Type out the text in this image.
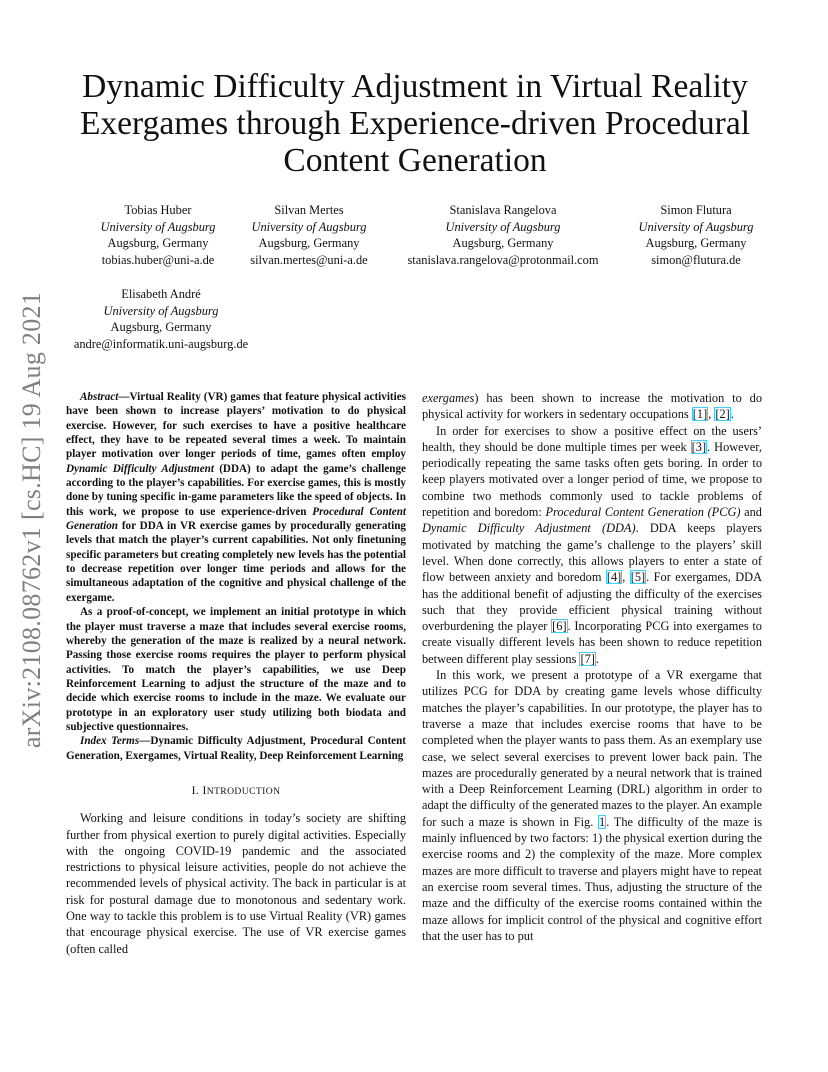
arXiv:2108.08762v1 [cs.HC] 19 Aug 2021
Dynamic Difficulty Adjustment in Virtual Reality Exergames through Experience-driven Procedural Content Generation
Tobias Huber
University of Augsburg
Augsburg, Germany
tobias.huber@uni-a.de
Silvan Mertes
University of Augsburg
Augsburg, Germany
silvan.mertes@uni-a.de
Stanislava Rangelova
University of Augsburg
Augsburg, Germany
stanislava.rangelova@protonmail.com
Simon Flutura
University of Augsburg
Augsburg, Germany
simon@flutura.de
Elisabeth André
University of Augsburg
Augsburg, Germany
andre@informatik.uni-augsburg.de

Abstract—Virtual Reality (VR) games that feature physical activities have been shown to increase players’ motivation to do physical exercise. However, for such exercises to have a positive healthcare effect, they have to be repeated several times a week. To maintain player motivation over longer periods of time, games often employ Dynamic Difficulty Adjustment (DDA) to adapt the game’s challenge according to the player’s capabilities. For exercise games, this is mostly done by tuning specific in-game parameters like the speed of objects. In this work, we propose to use experience-driven Procedural Content Generation for DDA in VR exercise games by procedurally generating levels that match the player’s current capabilities. Not only finetuning specific parameters but creating completely new levels has the potential to decrease repetition over longer time periods and allows for the simultaneous adaptation of the cognitive and physical challenge of the exergame.

As a proof-of-concept, we implement an initial prototype in which the player must traverse a maze that includes several exercise rooms, whereby the generation of the maze is realized by a neural network. Passing those exercise rooms requires the player to perform physical activities. To match the player’s capabilities, we use Deep Reinforcement Learning to adjust the structure of the maze and to decide which exercise rooms to include in the maze. We evaluate our prototype in an exploratory user study utilizing both biodata and subjective questionnaires.

Index Terms—Dynamic Difficulty Adjustment, Procedural Content Generation, Exergames, Virtual Reality, Deep Reinforcement Learning

I. INTRODUCTION

Working and leisure conditions in today’s society are shifting further from physical exertion to purely digital activities. Especially with the ongoing COVID-19 pandemic and the associated restrictions to physical leisure activities, people do not achieve the recommended levels of physical activity. The back in particular is at risk for postural damage due to monotonous and sedentary work. One way to tackle this problem is to use Virtual Reality (VR) games that encourage physical exercise. The use of VR exercise games (often called

exergames) has been shown to increase the motivation to do physical activity for workers in sedentary occupations [1], [2].

In order for exercises to show a positive effect on the users’ health, they should be done multiple times per week [3]. However, periodically repeating the same tasks often gets boring. In order to keep players motivated over a longer period of time, we propose to combine two methods commonly used to tackle problems of repetition and boredom: Procedural Content Generation (PCG) and Dynamic Difficulty Adjustment (DDA). DDA keeps players motivated by matching the game’s challenge to the players’ skill level. When done correctly, this allows players to enter a state of flow between anxiety and boredom [4], [5]. For exergames, DDA has the additional benefit of adjusting the difficulty of the exercises such that they provide efficient physical training without overburdening the player [6]. Incorporating PCG into exergames to create visually different levels has been shown to reduce repetition between different play sessions [7].

In this work, we present a prototype of a VR exergame that utilizes PCG for DDA by creating game levels whose difficulty matches the player’s capabilities. In our prototype, the player has to traverse a maze that includes exercise rooms that have to be completed when the player wants to pass them. As an exemplary use case, we select several exercises to prevent lower back pain. The mazes are procedurally generated by a neural network that is trained with a Deep Reinforcement Learning (DRL) algorithm in order to adapt the difficulty of the generated mazes to the player. An example for such a maze is shown in Fig. 1. The difficulty of the maze is mainly influenced by two factors: 1) the physical exertion during the exercise rooms and 2) the complexity of the maze. More complex mazes are more difficult to traverse and players might have to repeat an exercise room several times. Thus, adjusting the structure of the maze and the difficulty of the exercise rooms contained within the maze allows for implicit control of the physical and cognitive effort that the user has to put
